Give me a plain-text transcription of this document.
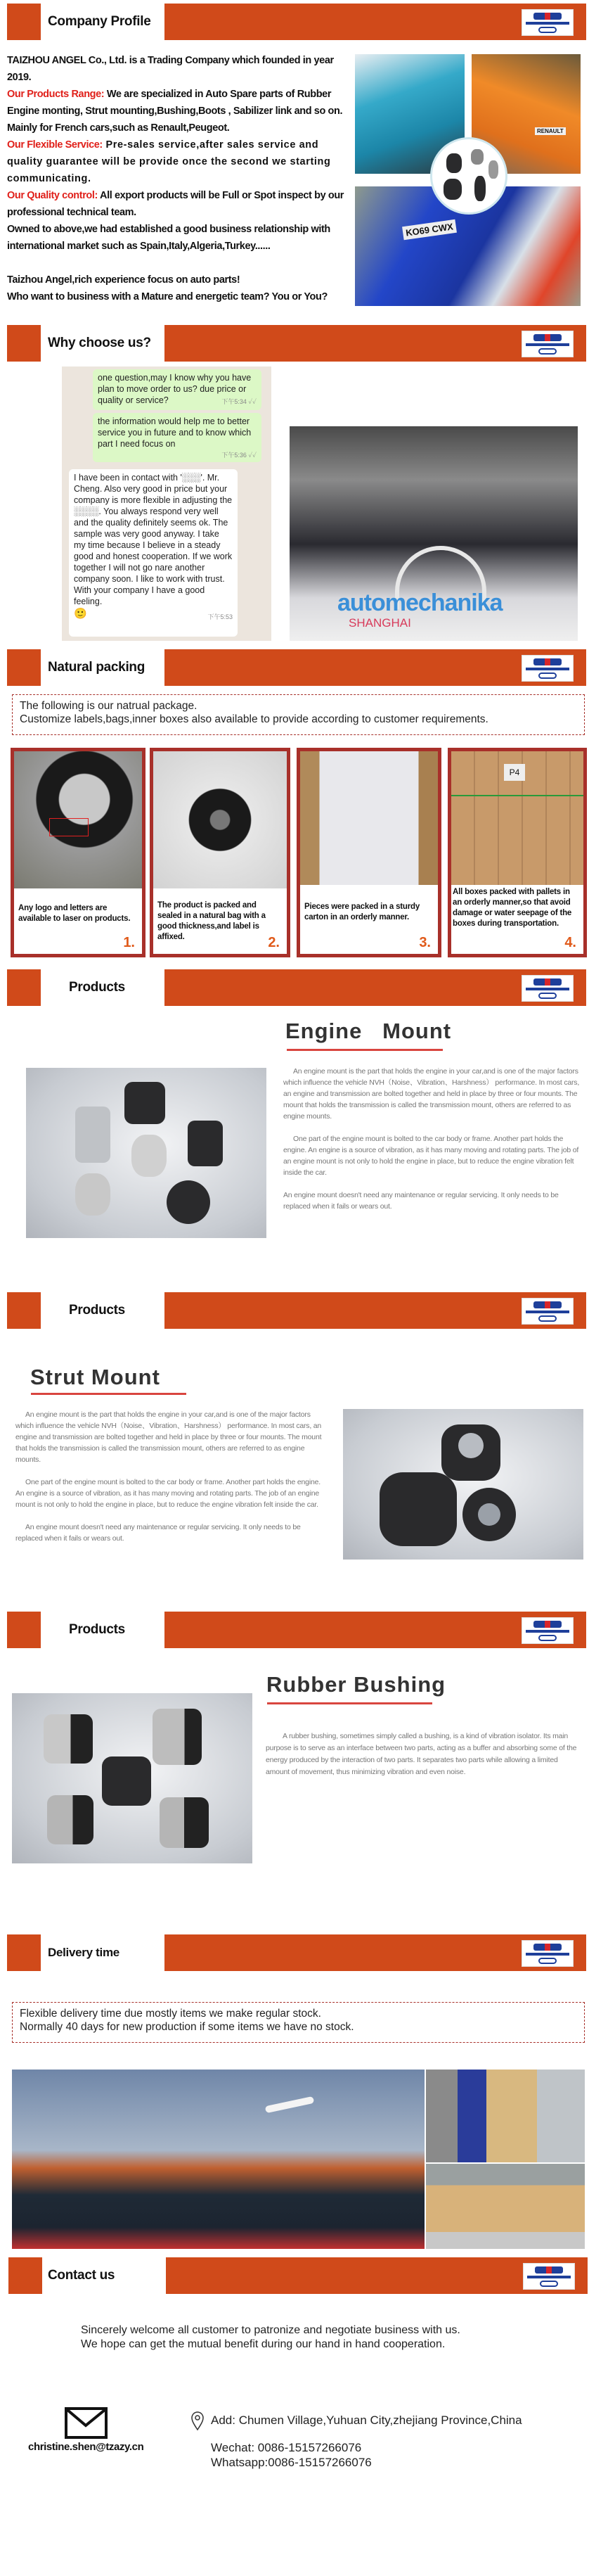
Company Profile

TAIZHOU ANGEL Co., Ltd. is a Trading Company which founded in year 2019.

Our Products Range: We are specialized in Auto Spare parts of Rubber Engine monting, Strut mounting,Bushing,Boots , Sabilizer link and so on. Mainly for French cars,such as Renault,Peugeot.

Our Flexible Service: Pre-sales service,after sales service and quality guarantee will be provide once the second we starting communicating.

Our Quality control: All export products will be Full or Spot inspect by our professional technical team.

Owned to above,we had established a good business relationship with international market such as Spain,Italy,Algeria,Turkey......

Taizhou Angel,rich experience focus on auto parts!

Who want to business with a Mature and energetic team? You or You?

RENAULT
KO69 CWX
Why choose us?
one question,may I know why you have plan to move order to us? due price or quality or service?	下午5:34 ✓✓
the information would help me to better service you in future and to know which part I need focus on
下午5:36 ✓✓
I have been in contact with '░░░'. Mr. Cheng. Also very good in price but your company is more flexible in adjusting the ░░░░. You always respond very well and the quality definitely seems ok. The sample was very good anyway. I take my time because I believe in a steady good and honest cooperation. If we work together I will not go nare another company soon. I like to work with trust. With your company I have a good feeling.
🙂	下午5:53
automechanika
SHANGHAI
Natural packing
The following is our natrual package.
Customize labels,bags,inner boxes also available to provide according to customer requirements.
Any logo and letters are available to laser on products.
1.
The product is packed and sealed in a natural bag with a good thickness,and label is affixed.	2.
Pieces were packed in a sturdy carton in an orderly manner.
3.
P4
All boxes packed with pallets in an orderly manner,so that avoid damage or water seepage of the boxes during transportation.
4.
Products
Engine   Mount

An engine mount is the part that holds the engine in your car,and is one of the major factors which influence the vehicle NVH（Noise、Vibration、Harshness） performance. In most cars, an engine and transmission are bolted together and held in place by three or four mounts. The mount that holds the transmission is called the transmission mount, others are referred to as engine mounts.

One part of the engine mount is bolted to the car body or frame. Another part holds the engine. An engine is a source of vibration, as it has many moving and rotating parts. The job of an engine mount is not only to hold the engine in place, but to reduce the engine vibration felt inside the car.

An engine mount doesn't need any maintenance or regular servicing. It only needs to be replaced when it fails or wears out.

Products
Strut Mount

An engine mount is the part that holds the engine in your car,and is one of the major factors which influence the vehicle NVH（Noise、Vibration、Harshness） performance. In most cars, an engine and transmission are bolted together and held in place by three or four mounts. The mount that holds the transmission is called the transmission mount, others are referred to as engine mounts.

One part of the engine mount is bolted to the car body or frame. Another part holds the engine. An engine is a source of vibration, as it has many moving and rotating parts. The job of an engine mount is not only to hold the engine in place, but to reduce the engine vibration felt inside the car.

An engine mount doesn't need any maintenance or regular servicing. It only needs to be replaced when it fails or wears out.

Products
Rubber Bushing

A rubber bushing, sometimes simply called a bushing, is a kind of vibration isolator. Its main purpose is to serve as an interface between two parts, acting as a buffer and absorbing some of the energy produced by the interaction of two parts. It separates two parts while allowing a limited amount of movement, thus minimizing vibration and even noise.

Delivery time
Flexible delivery time due mostly items we make regular stock.
Normally 40 days for new production if some items we have no stock.
Contact us
Sincerely welcome all customer to patronize and negotiate business with us.
We hope can get the mutual benefit during our hand in hand cooperation.
christine.shen@tzazy.cn
Add: Chumen Village,Yuhuan City,zhejiang Province,China
Wechat: 0086-15157266076
Whatsapp:0086-15157266076
